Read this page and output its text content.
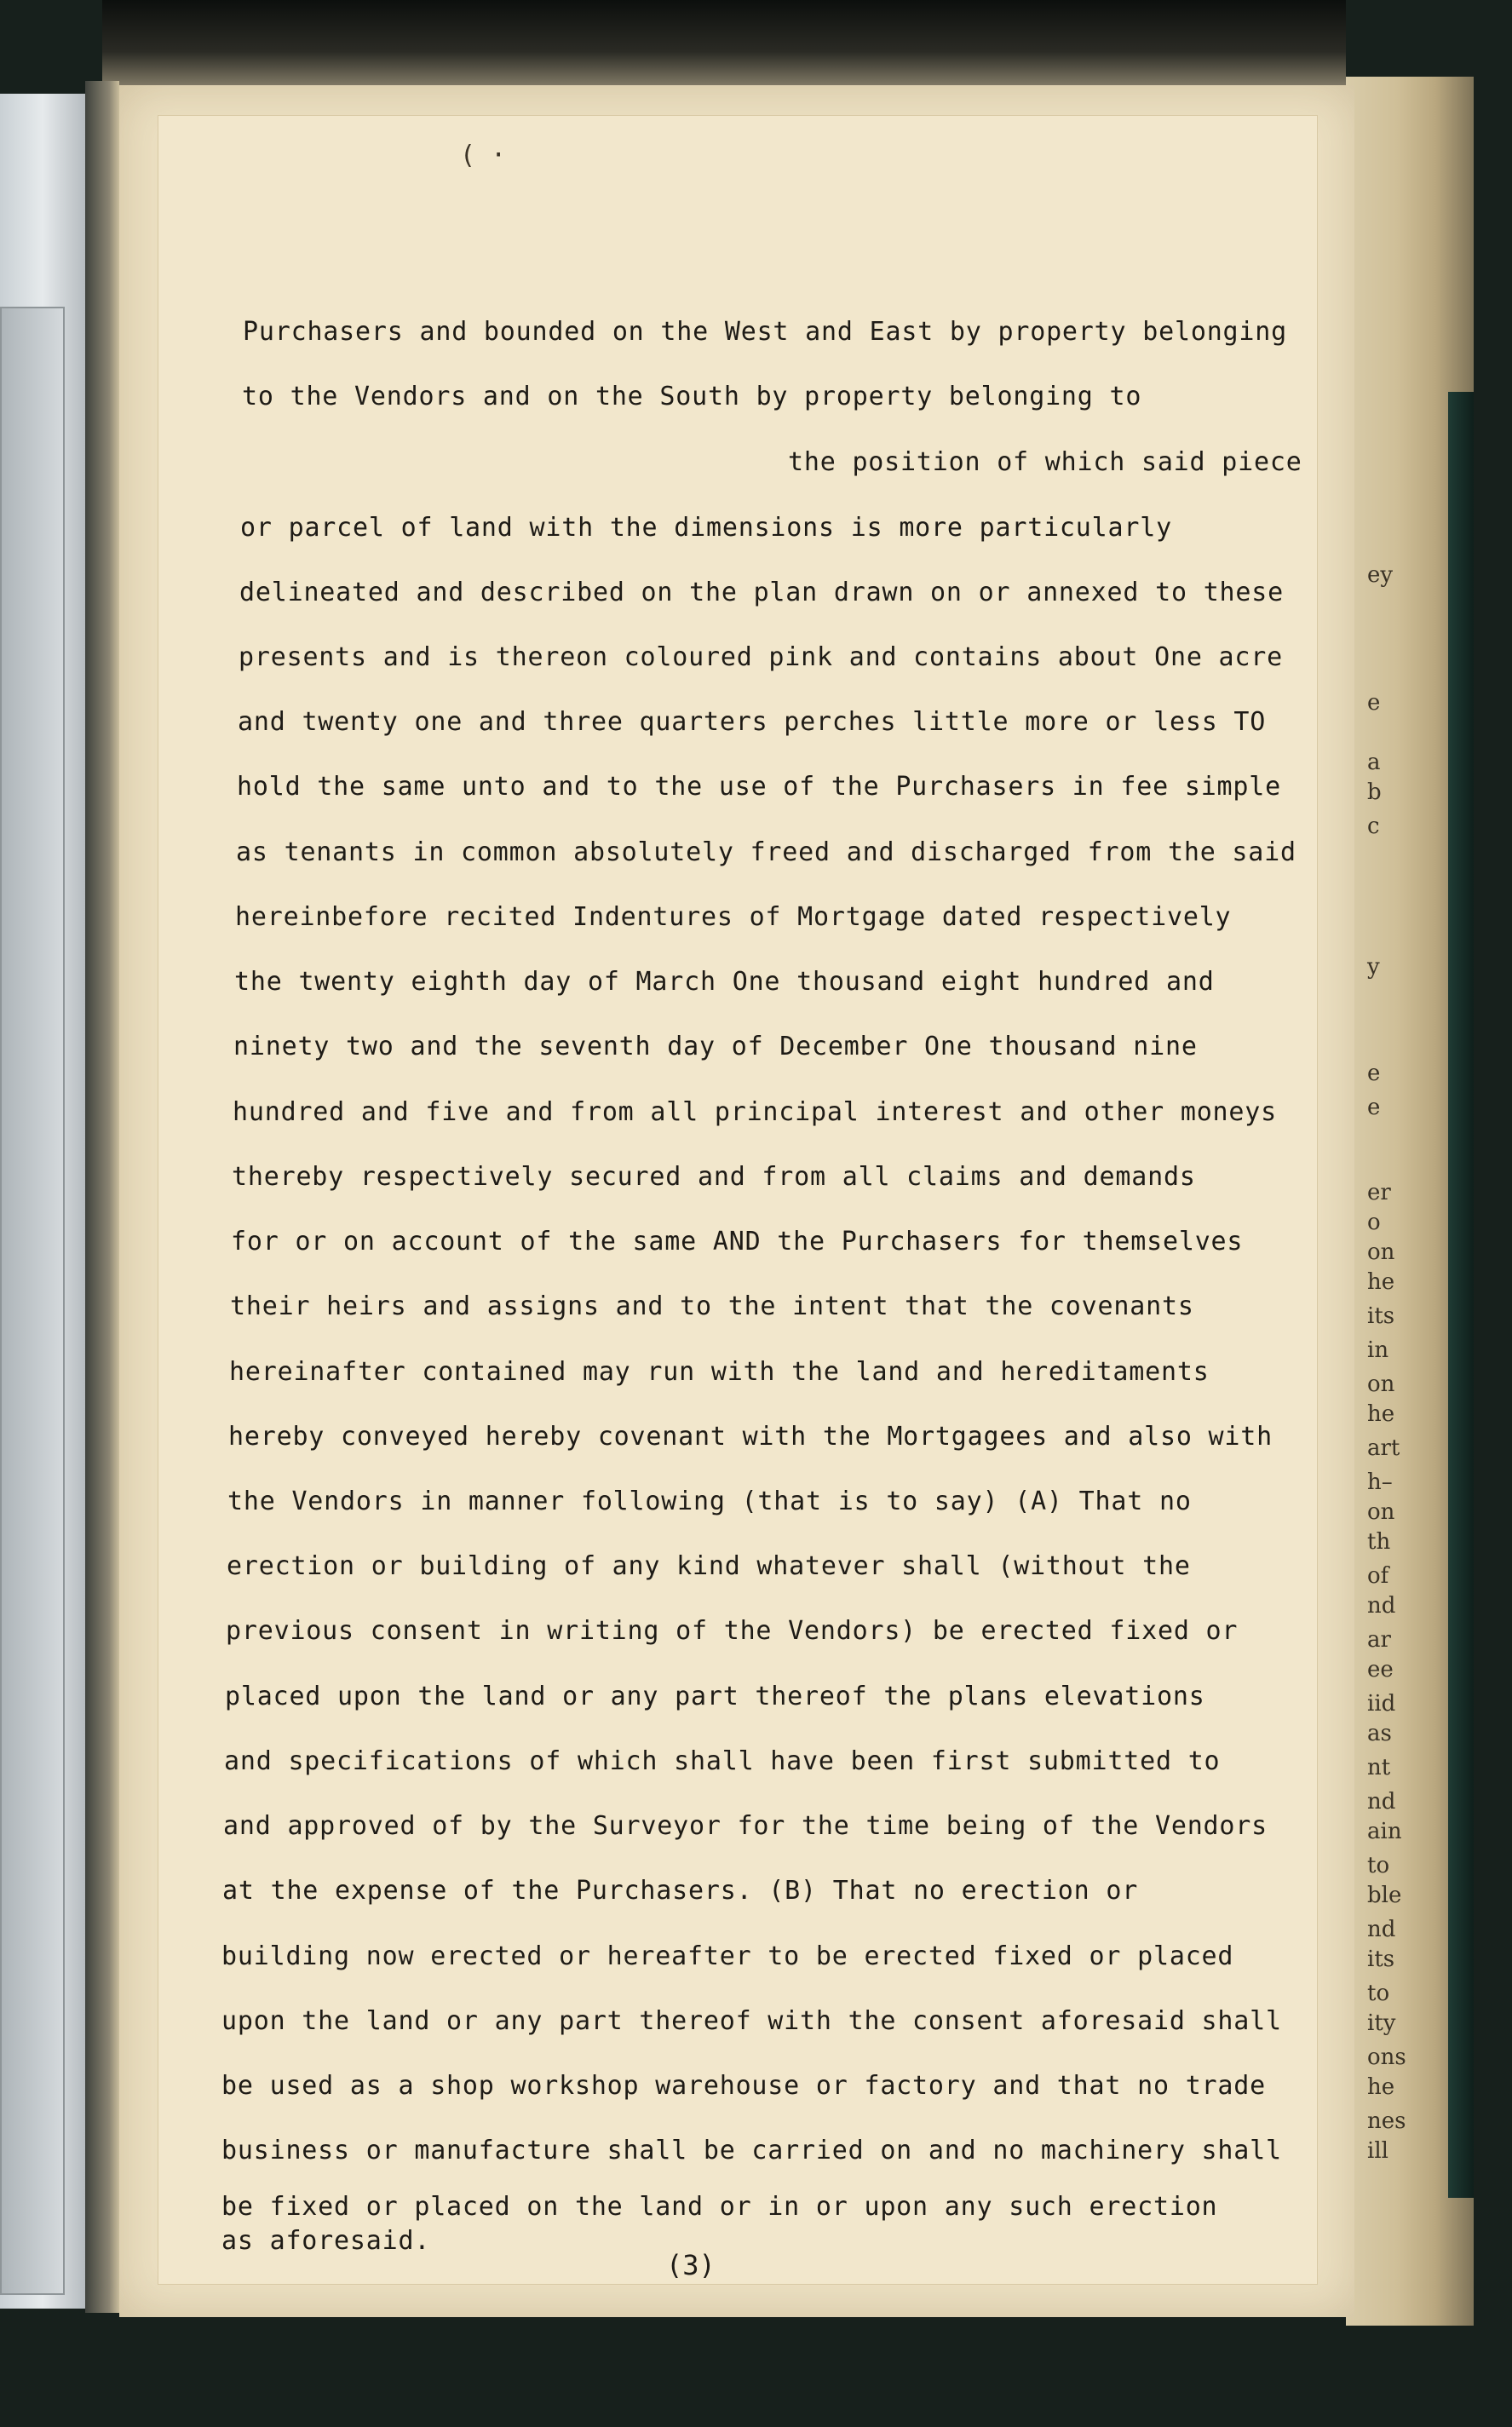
( ·

Purchasers and bounded on the West and East by property belonging

to the Vendors and on the South by property belonging to

the position of which said piece

or parcel of land with the dimensions is more particularly

delineated and described on the plan drawn on or annexed to these

presents and is thereon coloured pink and contains about One acre

and twenty one and three quarters perches little more or less TO

hold the same unto and to the use of the Purchasers in fee simple

as tenants in common absolutely freed and discharged from the said

hereinbefore recited Indentures of Mortgage dated respectively

the twenty eighth day of March One thousand eight hundred and

ninety two and the seventh day of December One thousand nine

hundred and five and from all principal interest and other moneys

thereby respectively secured and from all claims and demands

for or on account of the same AND the Purchasers for themselves

their heirs and assigns and to the intent that the covenants

hereinafter contained may run with the land and hereditaments

hereby conveyed hereby covenant with the Mortgagees and also with

the Vendors in manner following (that is to say) (A) That no

erection or building of any kind whatever shall (without the

previous consent in writing of the Vendors) be erected fixed or

placed upon the land or any part thereof the plans elevations

and specifications of which shall have been first submitted to

and approved of by the Surveyor for the time being of the Vendors

at the expense of the Purchasers. (B) That no erection or

building now erected or hereafter to be erected fixed or placed

upon the land or any part thereof with the consent aforesaid shall

be used as a shop workshop warehouse or factory and that no trade

business or manufacture shall be carried on and no machinery shall

be fixed or placed on the land or in or upon any such erection

as aforesaid.

(3)

ey

e

a

b

c

y

e

e

er

o

on

he

its

in

on

he

art

h–

on

th

of

nd

ar

ee

iid

as

nt

nd

ain

to

ble

nd

its

to

ity

ons

he

nes

ill
